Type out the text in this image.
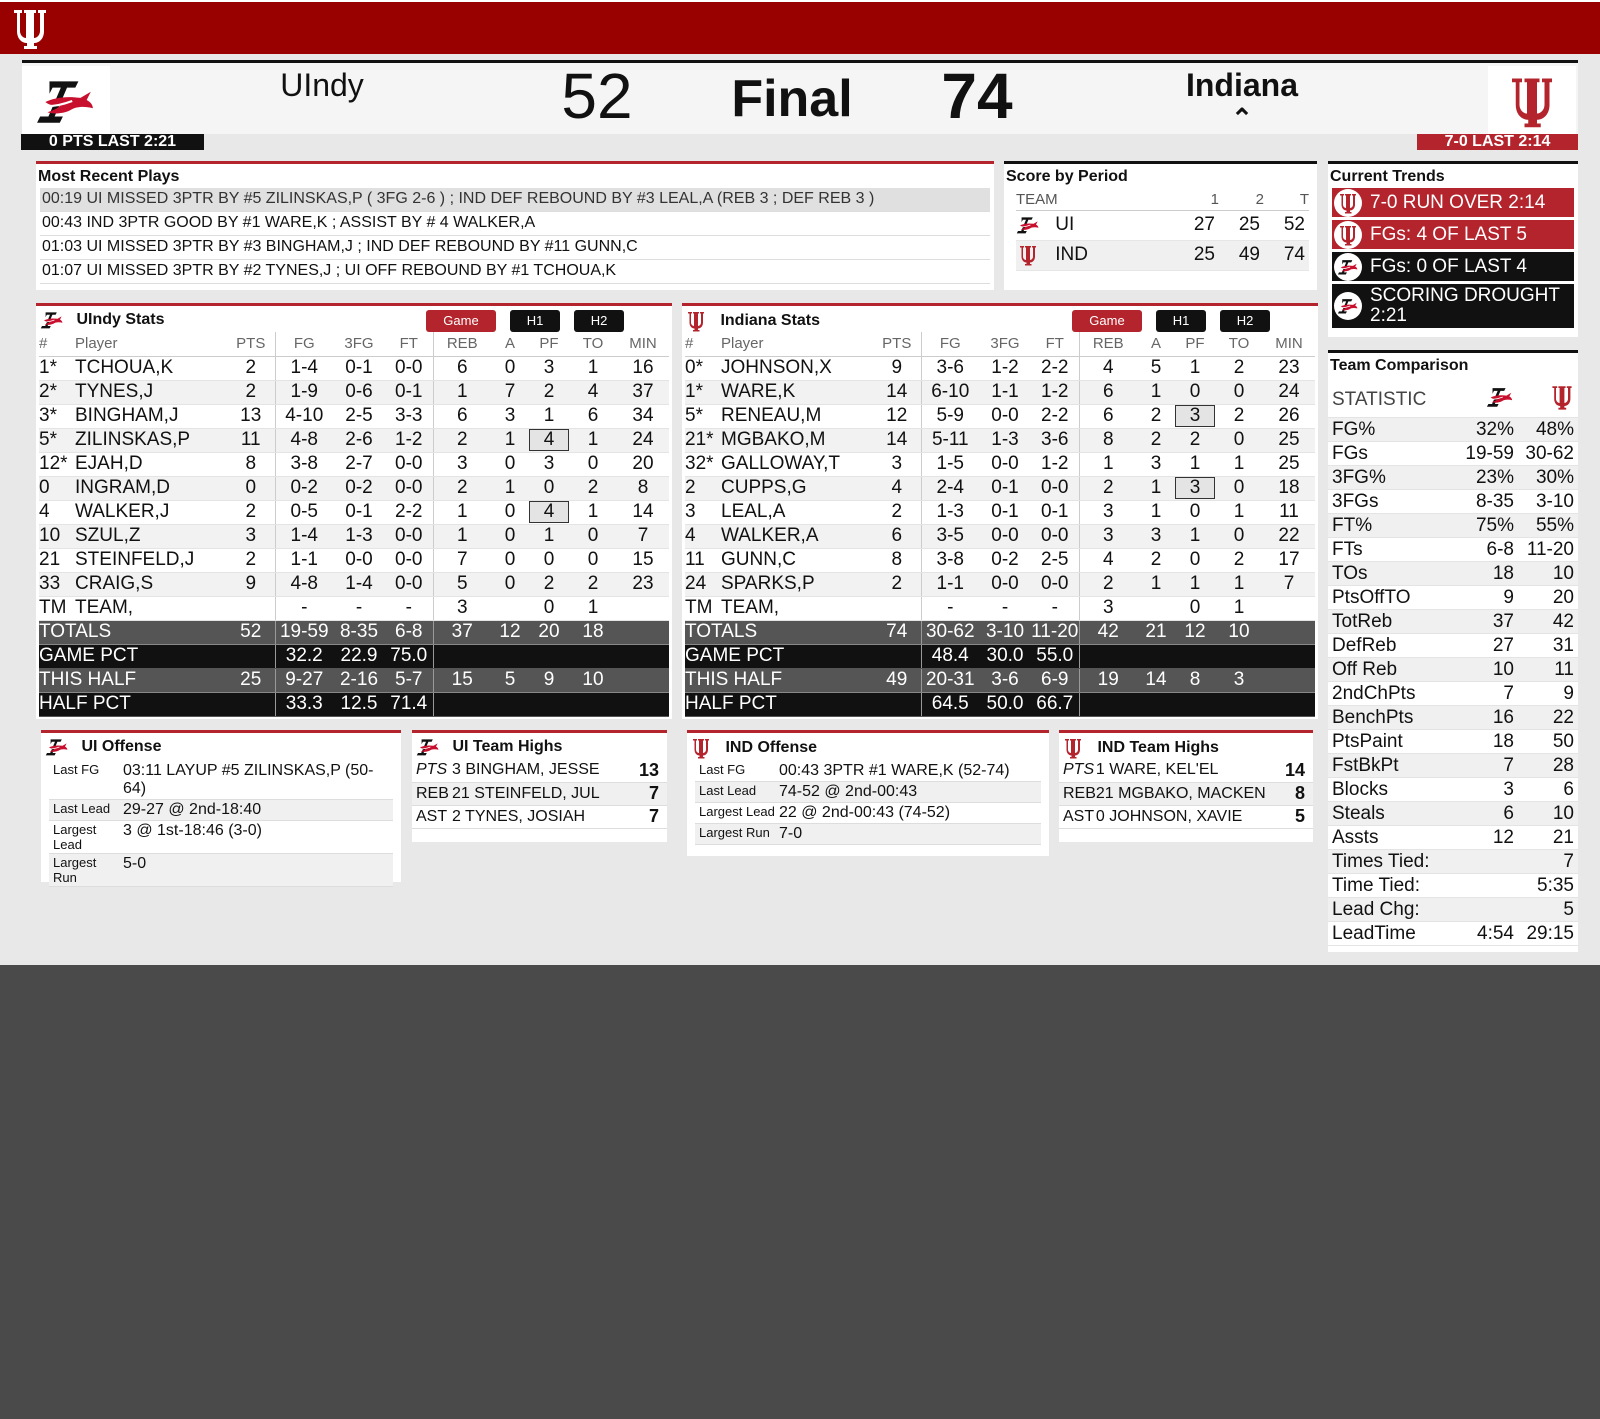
UIndy	52	Final	74	Indiana
⌃
0 PTS LAST 2:21	7-0 LAST 2:14
Most Recent Plays
00:19 UI MISSED 3PTR BY #5 ZILINSKAS,P ( 3FG 2-6 ) ; IND DEF REBOUND BY #3 LEAL,A (REB 3 ; DEF REB 3 )
00:43 IND 3PTR GOOD BY #1 WARE,K ; ASSIST BY # 4 WALKER,A
01:03 UI MISSED 3PTR BY #3 BINGHAM,J ; IND DEF REBOUND BY #11 GUNN,C
01:07 UI MISSED 3PTR BY #2 TYNES,J ; UI OFF REBOUND BY #1 TCHOUA,K
Score by Period
TEAM	1	2	T
UI	27	25	52
IND	25	49	74
Current Trends
7-0 RUN OVER 2:14
FGs: 4 OF LAST 5
FGs: 0 OF LAST 4
SCORING DROUGHT 2:21
UIndy Stats	Game	H1	H2
#	Player	PTS	FG	3FG	FT	REB	A	PF	TO	MIN
1*	TCHOUA,K	2	1-4	0-1	0-0	6	0	3	1	16
2*	TYNES,J	2	1-9	0-6	0-1	1	7	2	4	37
3*	BINGHAM,J	13	4-10	2-5	3-3	6	3	1	6	34
5*	ZILINSKAS,P	11	4-8	2-6	1-2	2	1	4	1	24
12*	EJAH,D	8	3-8	2-7	0-0	3	0	3	0	20
0	INGRAM,D	0	0-2	0-2	0-0	2	1	0	2	8
4	WALKER,J	2	0-5	0-1	2-2	1	0	4	1	14
10	SZUL,Z	3	1-4	1-3	0-0	1	0	1	0	7
21	STEINFELD,J	2	1-1	0-0	0-0	7	0	0	0	15
33	CRAIG,S	9	4-8	1-4	0-0	5	0	2	2	23
TM	TEAM,		-	-	-	3		0	1	
TOTALS		52	19-59	8-35	6-8	37	12	20	18	
GAME PCT			32.2	22.9	75.0					
THIS HALF		25	9-27	2-16	5-7	15	5	9	10	
HALF PCT			33.3	12.5	71.4					
Indiana Stats	Game	H1	H2
#	Player	PTS	FG	3FG	FT	REB	A	PF	TO	MIN
0*	JOHNSON,X	9	3-6	1-2	2-2	4	5	1	2	23
1*	WARE,K	14	6-10	1-1	1-2	6	1	0	0	24
5*	RENEAU,M	12	5-9	0-0	2-2	6	2	3	2	26
21*	MGBAKO,M	14	5-11	1-3	3-6	8	2	2	0	25
32*	GALLOWAY,T	3	1-5	0-0	1-2	1	3	1	1	25
2	CUPPS,G	4	2-4	0-1	0-0	2	1	3	0	18
3	LEAL,A	2	1-3	0-1	0-1	3	1	0	1	11
4	WALKER,A	6	3-5	0-0	0-0	3	3	1	0	22
11	GUNN,C	8	3-8	0-2	2-5	4	2	0	2	17
24	SPARKS,P	2	1-1	0-0	0-0	2	1	1	1	7
TM	TEAM,		-	-	-	3		0	1	
TOTALS		74	30-62	3-10	11-20	42	21	12	10	
GAME PCT			48.4	30.0	55.0					
THIS HALF		49	20-31	3-6	6-9	19	14	8	3	
HALF PCT			64.5	50.0	66.7					
Team Comparison
STATISTIC		
FG%	32%	48%
FGs	19-59	30-62
3FG%	23%	30%
3FGs	8-35	3-10
FT%	75%	55%
FTs	6-8	11-20
TOs	18	10
PtsOffTO	9	20
TotReb	37	42
DefReb	27	31
Off Reb	10	11
2ndChPts	7	9
BenchPts	16	22
PtsPaint	18	50
FstBkPt	7	28
Blocks	3	6
Steals	6	10
Assts	12	21
Times Tied:		7
Time Tied:		5:35
Lead Chg:		5
LeadTime	4:54	29:15
UI Offense
Last FG	03:11 LAYUP #5 ZILINSKAS,P (50-64)
Last Lead	29-27 @ 2nd-18:40
Largest Lead	3 @ 1st-18:46 (3-0)
Largest Run	5-0
UI Team Highs
PTS	3 BINGHAM, JESSE	13
REB	21 STEINFELD, JUL	7
AST	2 TYNES, JOSIAH	7
IND Offense
Last FG	00:43 3PTR #1 WARE,K (52-74)
Last Lead	74-52 @ 2nd-00:43
Largest Lead	22 @ 2nd-00:43 (74-52)
Largest Run	7-0
IND Team Highs
PTS	1 WARE, KEL'EL	14
REB	21 MGBAKO, MACKEN	8
AST	0 JOHNSON, XAVIE	5
